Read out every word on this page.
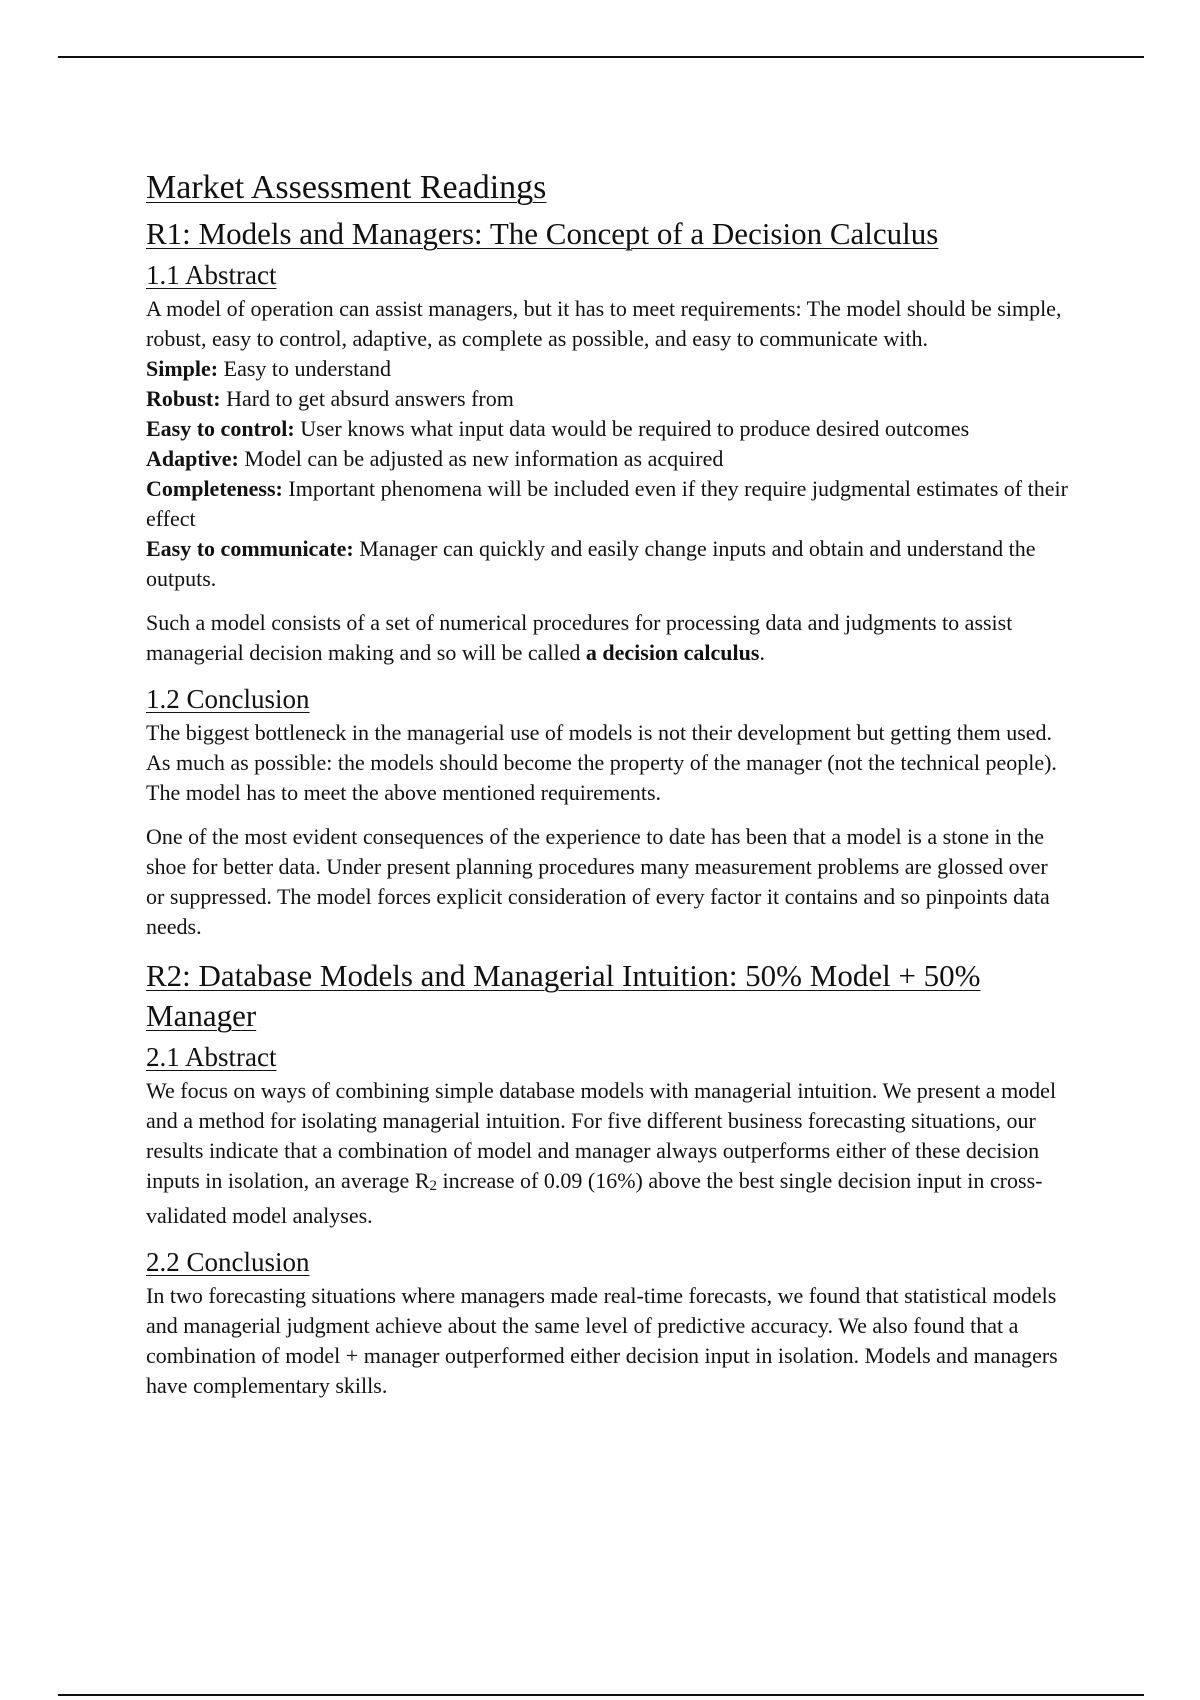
Market Assessment Readings
R1: Models and Managers: The Concept of a Decision Calculus
1.1 Abstract

A model of operation can assist managers, but it has to meet requirements: The model should be simple, robust, easy to control, adaptive, as complete as possible, and easy to communicate with.

Simple: Easy to understand

Robust: Hard to get absurd answers from

Easy to control: User knows what input data would be required to produce desired outcomes

Adaptive: Model can be adjusted as new information as acquired

Completeness: Important phenomena will be included even if they require judgmental estimates of their effect

Easy to communicate: Manager can quickly and easily change inputs and obtain and understand the outputs.

Such a model consists of a set of numerical procedures for processing data and judgments to assist managerial decision making and so will be called a decision calculus.

1.2 Conclusion

The biggest bottleneck in the managerial use of models is not their development but getting them used. As much as possible: the models should become the property of the manager (not the technical people). The model has to meet the above mentioned requirements.

One of the most evident consequences of the experience to date has been that a model is a stone in the shoe for better data. Under present planning procedures many measurement problems are glossed over or suppressed. The model forces explicit consideration of every factor it contains and so pinpoints data needs.

R2: Database Models and Managerial Intuition: 50% Model + 50% Manager
2.1 Abstract

We focus on ways of combining simple database models with managerial intuition. We present a model and a method for isolating managerial intuition. For five different business forecasting situations, our results indicate that a combination of model and manager always outperforms either of these decision inputs in isolation, an average R2 increase of 0.09 (16%) above the best single decision input in cross-validated model analyses.

2.2 Conclusion

In two forecasting situations where managers made real-time forecasts, we found that statistical models and managerial judgment achieve about the same level of predictive accuracy. We also found that a combination of model + manager outperformed either decision input in isolation. Models and managers have complementary skills.
